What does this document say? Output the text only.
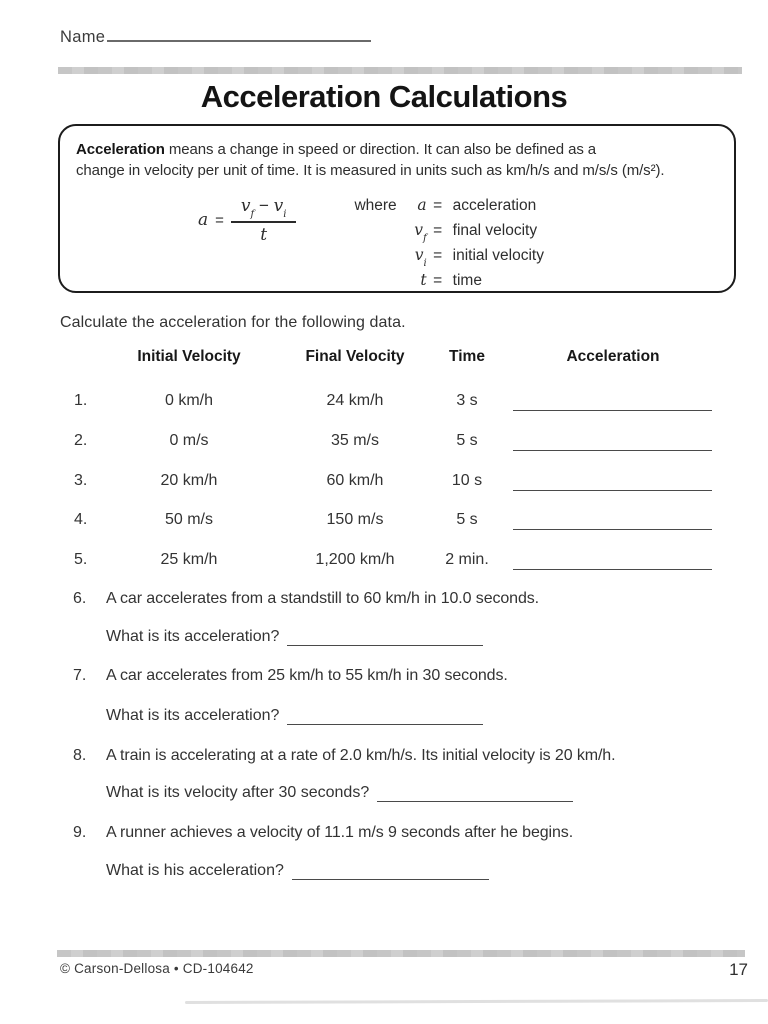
Name
Acceleration Calculations
Acceleration means a change in speed or direction. It can also be defined as a
change in velocity per unit of time. It is measured in units such as km/h/s and m/s/s (m/s²).
$a = \frac{v_f - v_i}{t}$	where	a = acceleration
$v_f$ = final velocity
$v_i$ = initial velocity
t = time
Calculate the acceleration for the following data.
Initial Velocity	Final Velocity	Time	Acceleration
1.	0 km/h	24 km/h	3 s
2.	0 m/s	35 m/s	5 s
3.	20 km/h	60 km/h	10 s
4.	50 m/s	150 m/s	5 s
5.	25 km/h	1,200 km/h	2 min.
6. A car accelerates from a standstill to 60 km/h in 10.0 seconds.
What is its acceleration?
7. A car accelerates from 25 km/h to 55 km/h in 30 seconds.
What is its acceleration?
8. A train is accelerating at a rate of 2.0 km/h/s. Its initial velocity is 20 km/h.
What is its velocity after 30 seconds?
9. A runner achieves a velocity of 11.1 m/s 9 seconds after he begins.
What is his acceleration?
© Carson-Dellosa • CD-104642	17
